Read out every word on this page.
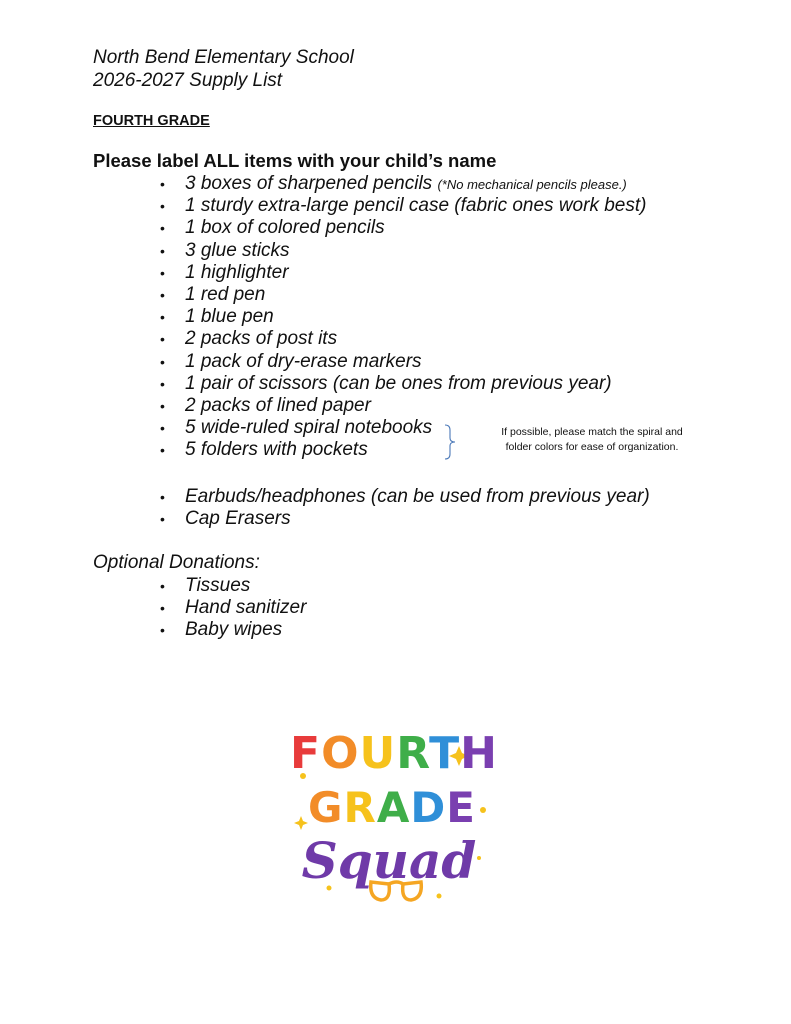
North Bend Elementary School
2026-2027 Supply List
FOURTH GRADE
Please label ALL items with your child’s name
• 3 boxes of sharpened pencils (*No mechanical pencils please.)
• 1 sturdy extra-large pencil case (fabric ones work best)
• 1 box of colored pencils
• 3 glue sticks
• 1 highlighter
• 1 red pen
• 1 blue pen
• 2 packs of post its
• 1 pack of dry-erase markers
• 1 pair of scissors (can be ones from previous year)
• 2 packs of lined paper
• 5 wide-ruled spiral notebooks
• 5 folders with pockets
If possible, please match the spiral and folder colors for ease of organization.
• Earbuds/headphones (can be used from previous year)
• Cap Erasers
Optional Donations:
• Tissues
• Hand sanitizer
• Baby wipes
FOURTH
GRADE
Squad
